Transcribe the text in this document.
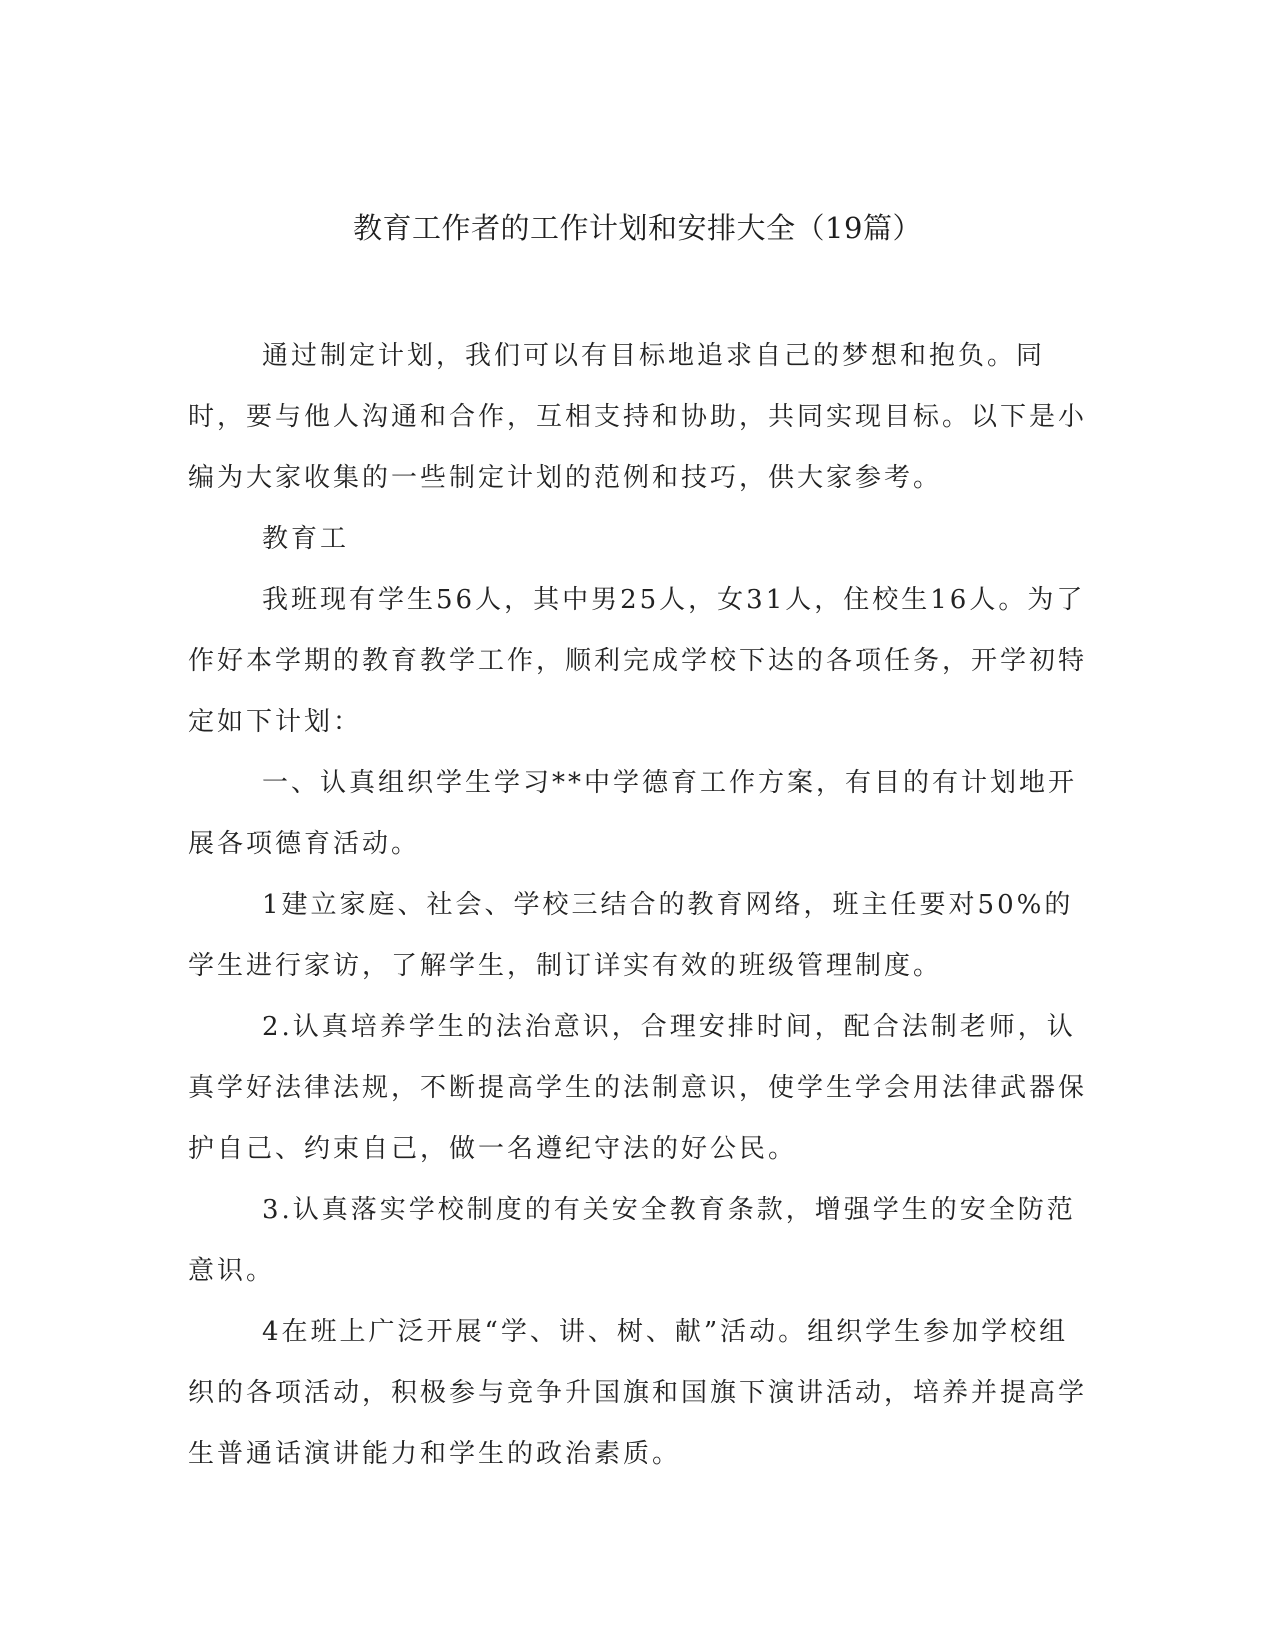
教育工作者的工作计划和安排大全（19篇）

通过制定计划，我们可以有目标地追求自己的梦想和抱负。同时，要与他人沟通和合作，互相支持和协助，共同实现目标。以下是小编为大家收集的一些制定计划的范例和技巧，供大家参考。

教育工

我班现有学生56人，其中男25人，女31人，住校生16人。为了作好本学期的教育教学工作，顺利完成学校下达的各项任务，开学初特定如下计划：

一、认真组织学生学习**中学德育工作方案，有目的有计划地开展各项德育活动。

1建立家庭、社会、学校三结合的教育网络，班主任要对50%的学生进行家访，了解学生，制订详实有效的班级管理制度。

2.认真培养学生的法治意识，合理安排时间，配合法制老师，认真学好法律法规，不断提高学生的法制意识，使学生学会用法律武器保护自己、约束自己，做一名遵纪守法的好公民。

3.认真落实学校制度的有关安全教育条款，增强学生的安全防范意识。

4在班上广泛开展“学、讲、树、献”活动。组织学生参加学校组织的各项活动，积极参与竞争升国旗和国旗下演讲活动，培养并提高学生普通话演讲能力和学生的政治素质。
